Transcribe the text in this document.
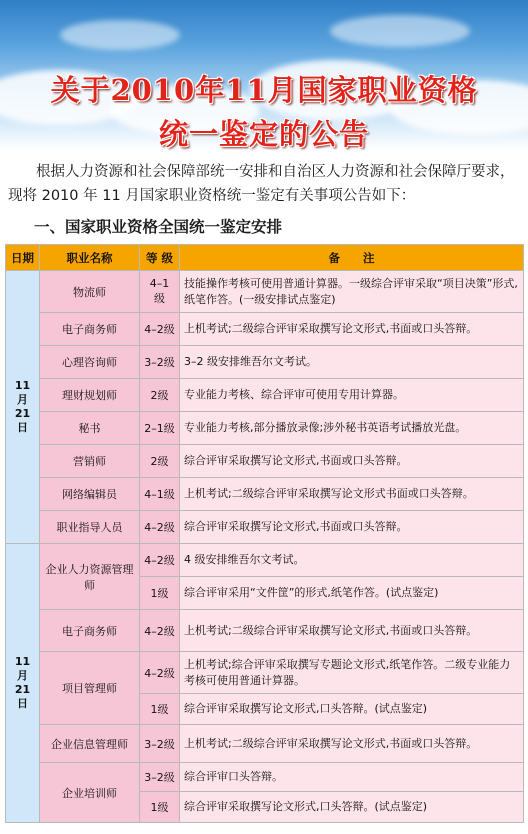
关于2010年11月国家职业资格
统一鉴定的公告
根据人力资源和社会保障部统一安排和自治区人力资源和社会保障厅要求，现将 2010 年 11 月国家职业资格统一鉴定有关事项公告如下：
一、国家职业资格全国统一鉴定安排
日期	职业名称	等 级	备　　注
11
月
21
日	物流师	4–1 级	技能操作考核可使用普通计算器。一级综合评审采取“项目决策”形式,纸笔作答。(一级安排试点鉴定)
	电子商务师	4–2级	上机考试;二级综合评审采取撰写论文形式,书面或口头答辩。
	心理咨询师	3–2级	3–2 级安排维吾尔文考试。
	理财规划师	2级	专业能力考核、综合评审可使用专用计算器。
	秘书	2–1级	专业能力考核,部分播放录像;涉外秘书英语考试播放光盘。
	营销师	2级	综合评审采取撰写论文形式,书面或口头答辩。
	网络编辑员	4–1级	上机考试;二级综合评审采取撰写论文形式书面或口头答辩。
	职业指导人员	4–2级	综合评审采取撰写论文形式,书面或口头答辩。
11
月
21
日	企业人力资源管理师	4–2级	4 级安排维吾尔文考试。
		1级	综合评审采用“文件筐”的形式,纸笔作答。(试点鉴定)
	电子商务师	4–2级	上机考试;二级综合评审采取撰写论文形式,书面或口头答辩。
	项目管理师	4–2级	上机考试;综合评审采取撰写专题论文形式,纸笔作答。二级专业能力考核可使用普通计算器。
		1级	综合评审采取撰写论文形式,口头答辩。(试点鉴定)
	企业信息管理师	3–2级	上机考试;二级综合评审采取撰写论文形式,书面或口头答辩。
	企业培训师	3–2级	综合评审口头答辩。
		1级	综合评审采取撰写论文形式,口头答辩。(试点鉴定)
